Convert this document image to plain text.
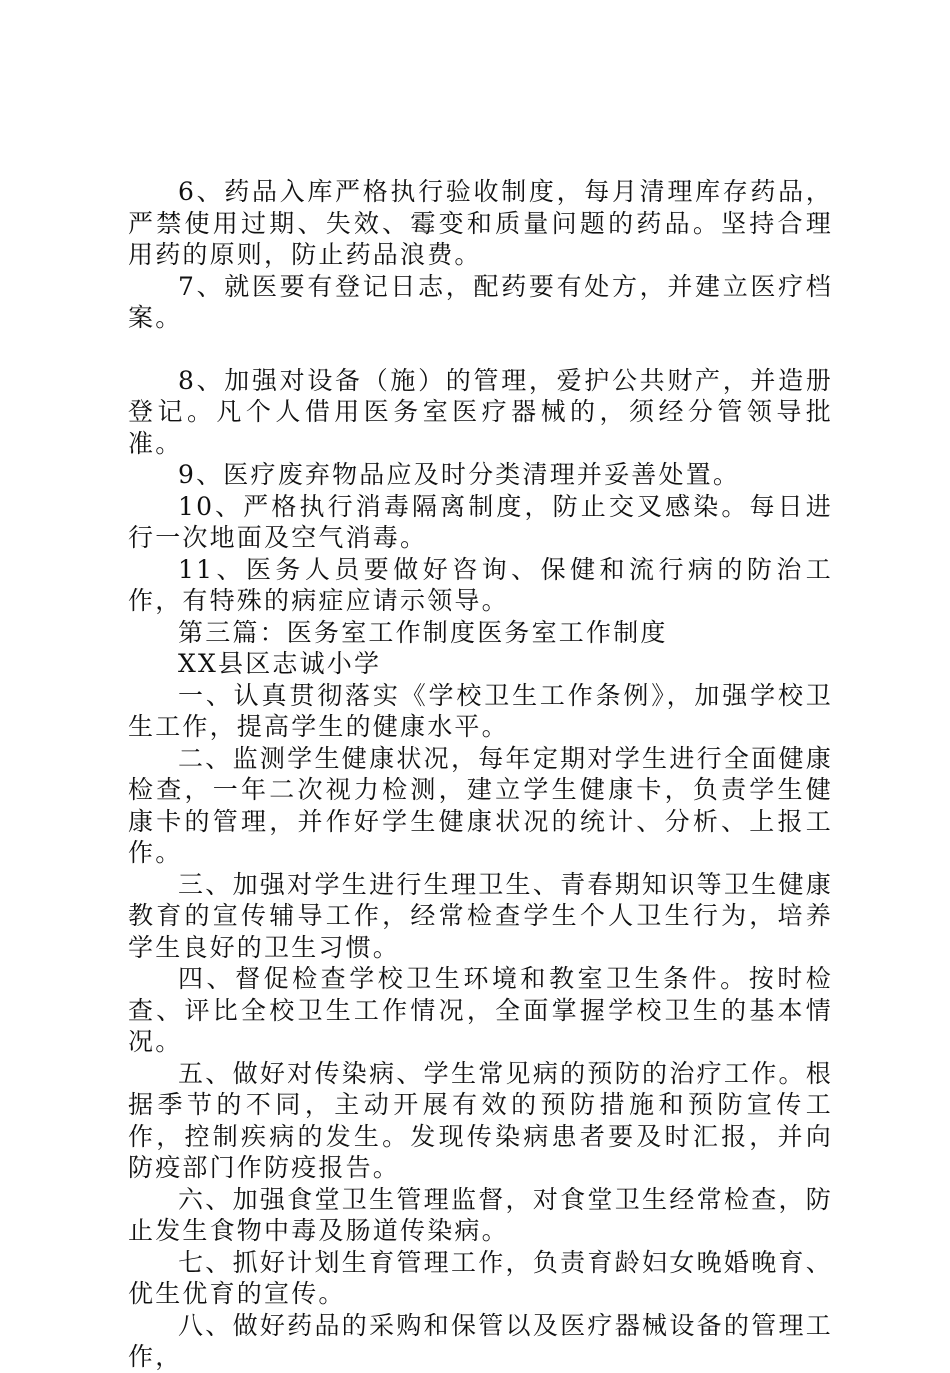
6、药品入库严格执行验收制度，每月清理库存药品，严禁使用过期、失效、霉变和质量问题的药品。坚持合理用药的原则，防止药品浪费。

7、就医要有登记日志，配药要有处方，并建立医疗档案。

8、加强对设备（施）的管理，爱护公共财产，并造册登记。凡个人借用医务室医疗器械的，须经分管领导批准。

9、医疗废弃物品应及时分类清理并妥善处置。

10、严格执行消毒隔离制度，防止交叉感染。每日进行一次地面及空气消毒。

11、医务人员要做好咨询、保健和流行病的防治工作，有特殊的病症应请示领导。

第三篇：医务室工作制度医务室工作制度

XX县区志诚小学

一、认真贯彻落实《学校卫生工作条例》，加强学校卫生工作，提高学生的健康水平。

二、监测学生健康状况，每年定期对学生进行全面健康检查，一年二次视力检测，建立学生健康卡，负责学生健康卡的管理，并作好学生健康状况的统计、分析、上报工作。

三、加强对学生进行生理卫生、青春期知识等卫生健康教育的宣传辅导工作，经常检查学生个人卫生行为，培养学生良好的卫生习惯。

四、督促检查学校卫生环境和教室卫生条件。按时检查、评比全校卫生工作情况，全面掌握学校卫生的基本情况。

五、做好对传染病、学生常见病的预防的治疗工作。根据季节的不同，主动开展有效的预防措施和预防宣传工作，控制疾病的发生。发现传染病患者要及时汇报，并向防疫部门作防疫报告。

六、加强食堂卫生管理监督，对食堂卫生经常检查，防止发生食物中毒及肠道传染病。

七、抓好计划生育管理工作，负责育龄妇女晚婚晚育、优生优育的宣传。

八、做好药品的采购和保管以及医疗器械设备的管理工作，
